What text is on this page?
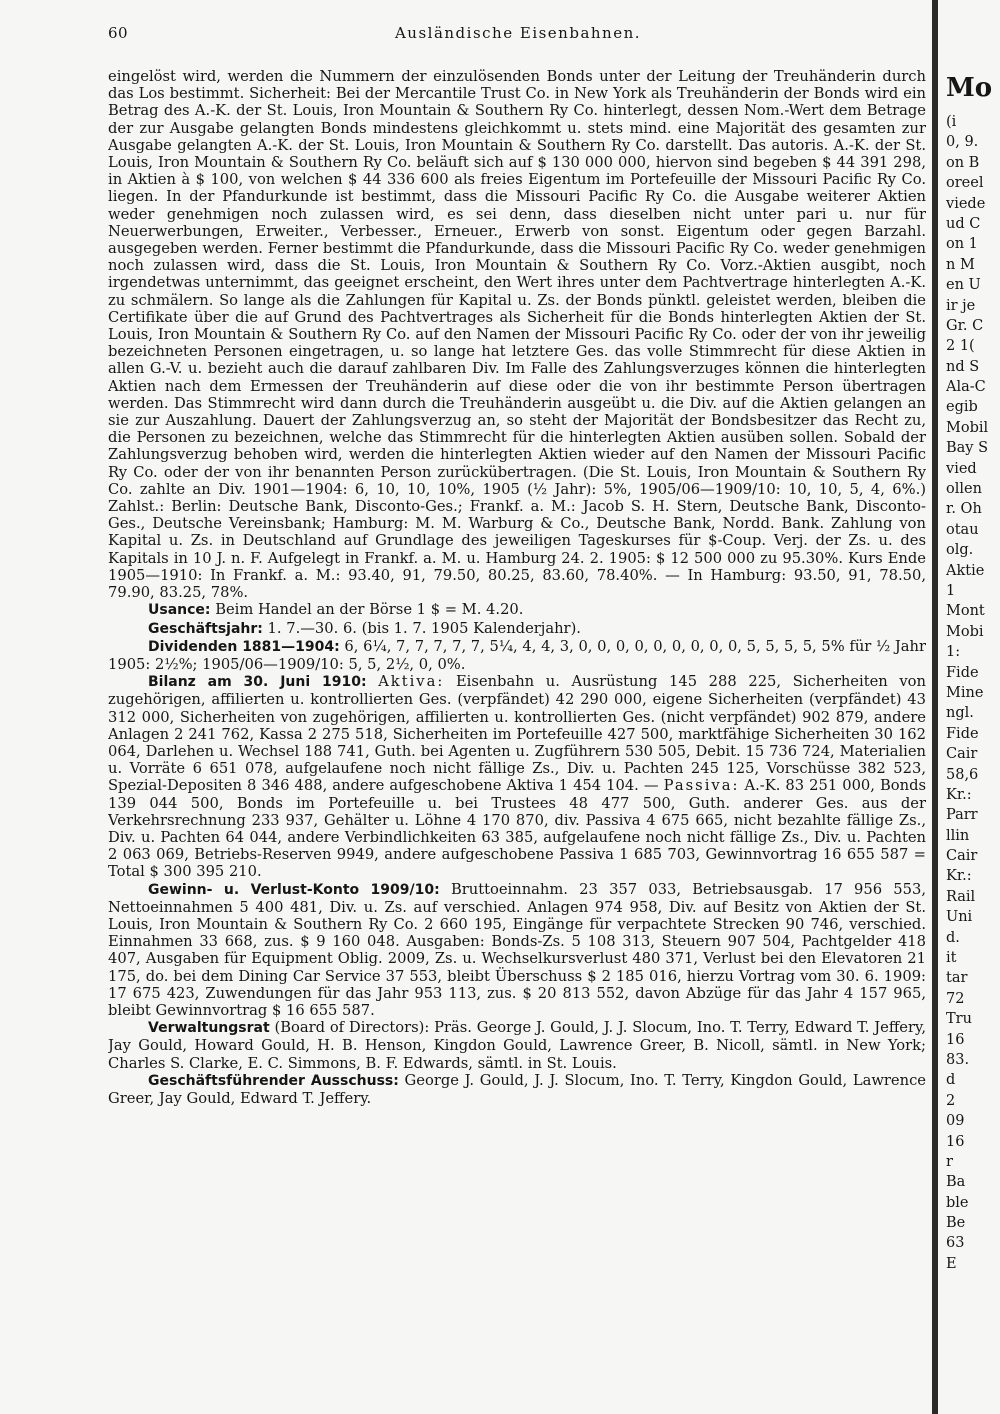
60	Ausländische Eisenbahnen.

eingelöst wird, werden die Nummern der einzulösenden Bonds unter der Leitung der Treuhänderin durch das Los bestimmt. Sicherheit: Bei der Mercantile Trust Co. in New York als Treuhänderin der Bonds wird ein Betrag des A.-K. der St. Louis, Iron Mountain & Southern Ry Co. hinterlegt, dessen Nom.-Wert dem Betrage der zur Ausgabe gelangten Bonds mindestens gleichkommt u. stets mind. eine Majorität des gesamten zur Ausgabe gelangten A.-K. der St. Louis, Iron Mountain & Southern Ry Co. darstellt. Das autoris. A.-K. der St. Louis, Iron Mountain & Southern Ry Co. beläuft sich auf $ 130 000 000, hiervon sind begeben $ 44 391 298, in Aktien à $ 100, von welchen $ 44 336 600 als freies Eigentum im Portefeuille der Missouri Pacific Ry Co. liegen. In der Pfandurkunde ist bestimmt, dass die Missouri Pacific Ry Co. die Ausgabe weiterer Aktien weder genehmigen noch zulassen wird, es sei denn, dass dieselben nicht unter pari u. nur für Neuerwerbungen, Erweiter., Verbesser., Erneuer., Erwerb von sonst. Eigentum oder gegen Barzahl. ausgegeben werden. Ferner bestimmt die Pfandurkunde, dass die Missouri Pacific Ry Co. weder genehmigen noch zulassen wird, dass die St. Louis, Iron Mountain & Southern Ry Co. Vorz.-Aktien ausgibt, noch irgendetwas unternimmt, das geeignet erscheint, den Wert ihres unter dem Pachtvertrage hinterlegten A.-K. zu schmälern. So lange als die Zahlungen für Kapital u. Zs. der Bonds pünktl. geleistet werden, bleiben die Certifikate über die auf Grund des Pachtvertrages als Sicherheit für die Bonds hinterlegten Aktien der St. Louis, Iron Mountain & Southern Ry Co. auf den Namen der Missouri Pacific Ry Co. oder der von ihr jeweilig bezeichneten Personen eingetragen, u. so lange hat letztere Ges. das volle Stimmrecht für diese Aktien in allen G.-V. u. bezieht auch die darauf zahlbaren Div. Im Falle des Zahlungsverzuges können die hinterlegten Aktien nach dem Ermessen der Treuhänderin auf diese oder die von ihr bestimmte Person übertragen werden. Das Stimmrecht wird dann durch die Treuhänderin ausgeübt u. die Div. auf die Aktien gelangen an sie zur Auszahlung. Dauert der Zahlungsverzug an, so steht der Majorität der Bondsbesitzer das Recht zu, die Personen zu bezeichnen, welche das Stimmrecht für die hinterlegten Aktien ausüben sollen. Sobald der Zahlungsverzug behoben wird, werden die hinterlegten Aktien wieder auf den Namen der Missouri Pacific Ry Co. oder der von ihr benannten Person zurückübertragen. (Die St. Louis, Iron Mountain & Southern Ry Co. zahlte an Div. 1901—1904: 6, 10, 10, 10%, 1905 (½ Jahr): 5%, 1905/06—1909/10: 10, 10, 5, 4, 6%.) Zahlst.: Berlin: Deutsche Bank, Disconto-Ges.; Frankf. a. M.: Jacob S. H. Stern, Deutsche Bank, Disconto-Ges., Deutsche Vereinsbank; Hamburg: M. M. Warburg & Co., Deutsche Bank, Nordd. Bank. Zahlung von Kapital u. Zs. in Deutschland auf Grundlage des jeweiligen Tageskurses für $-Coup. Verj. der Zs. u. des Kapitals in 10 J. n. F. Aufgelegt in Frankf. a. M. u. Hamburg 24. 2. 1905: $ 12 500 000 zu 95.30%. Kurs Ende 1905—1910: In Frankf. a. M.: 93.40, 91, 79.50, 80.25, 83.60, 78.40%. — In Hamburg: 93.50, 91, 78.50, 79.90, 83.25, 78%.

Usance: Beim Handel an der Börse 1 $ = M. 4.20.

Geschäftsjahr: 1. 7.—30. 6. (bis 1. 7. 1905 Kalenderjahr).

Dividenden 1881—1904: 6, 6¼, 7, 7, 7, 7, 7, 5¼, 4, 4, 3, 0, 0, 0, 0, 0, 0, 0, 0, 0, 5, 5, 5, 5, 5% für ½ Jahr 1905: 2½%; 1905/06—1909/10: 5, 5, 2½, 0, 0%.

Bilanz am 30. Juni 1910: Aktiva: Eisenbahn u. Ausrüstung 145 288 225, Sicherheiten von zugehörigen, affilierten u. kontrollierten Ges. (verpfändet) 42 290 000, eigene Sicherheiten (verpfändet) 43 312 000, Sicherheiten von zugehörigen, affilierten u. kontrollierten Ges. (nicht verpfändet) 902 879, andere Anlagen 2 241 762, Kassa 2 275 518, Sicherheiten im Portefeuille 427 500, marktfähige Sicherheiten 30 162 064, Darlehen u. Wechsel 188 741, Guth. bei Agenten u. Zugführern 530 505, Debit. 15 736 724, Materialien u. Vorräte 6 651 078, aufgelaufene noch nicht fällige Zs., Div. u. Pachten 245 125, Vorschüsse 382 523, Spezial-Depositen 8 346 488, andere aufgeschobene Aktiva 1 454 104. — Passiva: A.-K. 83 251 000, Bonds 139 044 500, Bonds im Portefeuille u. bei Trustees 48 477 500, Guth. anderer Ges. aus der Verkehrsrechnung 233 937, Gehälter u. Löhne 4 170 870, div. Passiva 4 675 665, nicht bezahlte fällige Zs., Div. u. Pachten 64 044, andere Verbindlichkeiten 63 385, aufgelaufene noch nicht fällige Zs., Div. u. Pachten 2 063 069, Betriebs-Reserven 9949, andere aufgeschobene Passiva 1 685 703, Gewinnvortrag 16 655 587 = Total $ 300 395 210.

Gewinn- u. Verlust-Konto 1909/10: Bruttoeinnahm. 23 357 033, Betriebsausgab. 17 956 553, Nettoeinnahmen 5 400 481, Div. u. Zs. auf verschied. Anlagen 974 958, Div. auf Besitz von Aktien der St. Louis, Iron Mountain & Southern Ry Co. 2 660 195, Eingänge für verpachtete Strecken 90 746, verschied. Einnahmen 33 668, zus. $ 9 160 048. Ausgaben: Bonds-Zs. 5 108 313, Steuern 907 504, Pachtgelder 418 407, Ausgaben für Equipment Oblig. 2009, Zs. u. Wechselkursverlust 480 371, Verlust bei den Elevatoren 21 175, do. bei dem Dining Car Service 37 553, bleibt Überschuss $ 2 185 016, hierzu Vortrag vom 30. 6. 1909: 17 675 423, Zuwendungen für das Jahr 953 113, zus. $ 20 813 552, davon Abzüge für das Jahr 4 157 965, bleibt Gewinnvortrag $ 16 655 587.

Verwaltungsrat (Board of Directors): Präs. George J. Gould, J. J. Slocum, Ino. T. Terry, Edward T. Jeffery, Jay Gould, Howard Gould, H. B. Henson, Kingdon Gould, Lawrence Greer, B. Nicoll, sämtl. in New York; Charles S. Clarke, E. C. Simmons, B. F. Edwards, sämtl. in St. Louis.

Geschäftsführender Ausschuss: George J. Gould, J. J. Slocum, Ino. T. Terry, Kingdon Gould, Lawrence Greer, Jay Gould, Edward T. Jeffery.

Mo
(i
0, 9.
on B
oreel
viede
ud C
on 1
n M
en U
ir je
Gr. C
2 1(
nd S
Ala-C
egib
Mobil
Bay S
vied
ollen
r. Oh
otau
olg.
Aktie
1
Mont
Mobi
1:
Fide
Mine
ngl.
Fide
Cair
58,6
Kr.:
Parr
llin
Cair
Kr.:
Rail
Uni
d.
it
tar
72
Tru
16
83.
d
2
09
16
r
Ba
ble
Be
63
E
